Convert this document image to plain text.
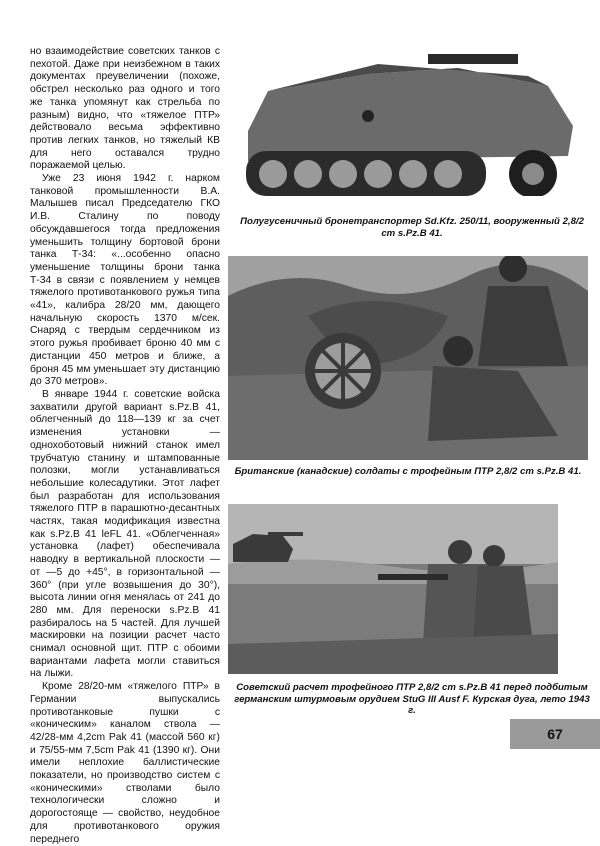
но взаимодействие советских танков с пехотой. Даже при неизбежном в таких документах преувеличении (похоже, обстрел несколько раз одного и того же танка упомянут как стрельба по разным) видно, что «тяжелое ПТР» действовало весьма эффективно против легких танков, но тяжелый КВ для него оставался трудно поражаемой целью.

Уже 23 июня 1942 г. нарком танковой промышленности В.А. Малышев писал Председателю ГКО И.В. Сталину по поводу обсуждавшегося тогда предложения уменьшить толщину бортовой брони танка Т-34: «...особенно опасно уменьшение толщины брони танка Т-34 в связи с появлением у немцев тяжелого противотанкового ружья типа «41», калибра 28/20 мм, дающего начальную скорость 1370 м/сек. Снаряд с твердым сердечником из этого ружья пробивает броню 40 мм с дистанции 450 метров и ближе, а броня 45 мм уменьшает эту дистанцию до 370 метров».

В январе 1944 г. советские войска захватили другой вариант s.Pz.B 41, облегченный до 118—139 кг за счет изменения установки — однохоботовый нижний станок имел трубчатую станину и штампованные полозки, могли устанавливаться небольшие колесадутики. Этот лафет был разработан для использования тяжелого ПТР в парашютно-десантных частях, такая модификация известна как s.Pz.B 41 leFL 41. «Облегченная» установка (лафет) обеспечивала наводку в вертикальной плоскости — от —5 до +45°, в горизонтальной — 360° (при угле возвышения до 30°), высота линии огня менялась от 241 до 280 мм. Для переноски s.Pz.B 41 разбиралось на 5 частей. Для лучшей маскировки на позиции расчет часто снимал основной щит. ПТР с обоими вариантами лафета могли ставиться на лыжи.

Кроме 28/20-мм «тяжелого ПТР» в Германии выпускались противотанковые пушки с «коническим» каналом ствола — 42/28-мм 4,2cm Pak 41 (массой 560 кг) и 75/55-мм 7,5cm Pak 41 (1390 кг). Они имели неплохие баллистические показатели, но производство систем с «коническими» стволами было технологически сложно и дорогостояще — свойство, неудобное для противотанкового оружия переднего

Полугусеничный бронетранспортер Sd.Kfz. 250/11, вооруженный 2,8/2 cm s.Pz.B 41.
Британские (канадские) солдаты с трофейным ПТР 2,8/2 cm s.Pz.B 41.
Советский расчет трофейного ПТР 2,8/2 cm s.Pz.B 41 перед подбитым германским штурмовым орудием StuG III Ausf F. Курская дуга, лето 1943 г.
67
